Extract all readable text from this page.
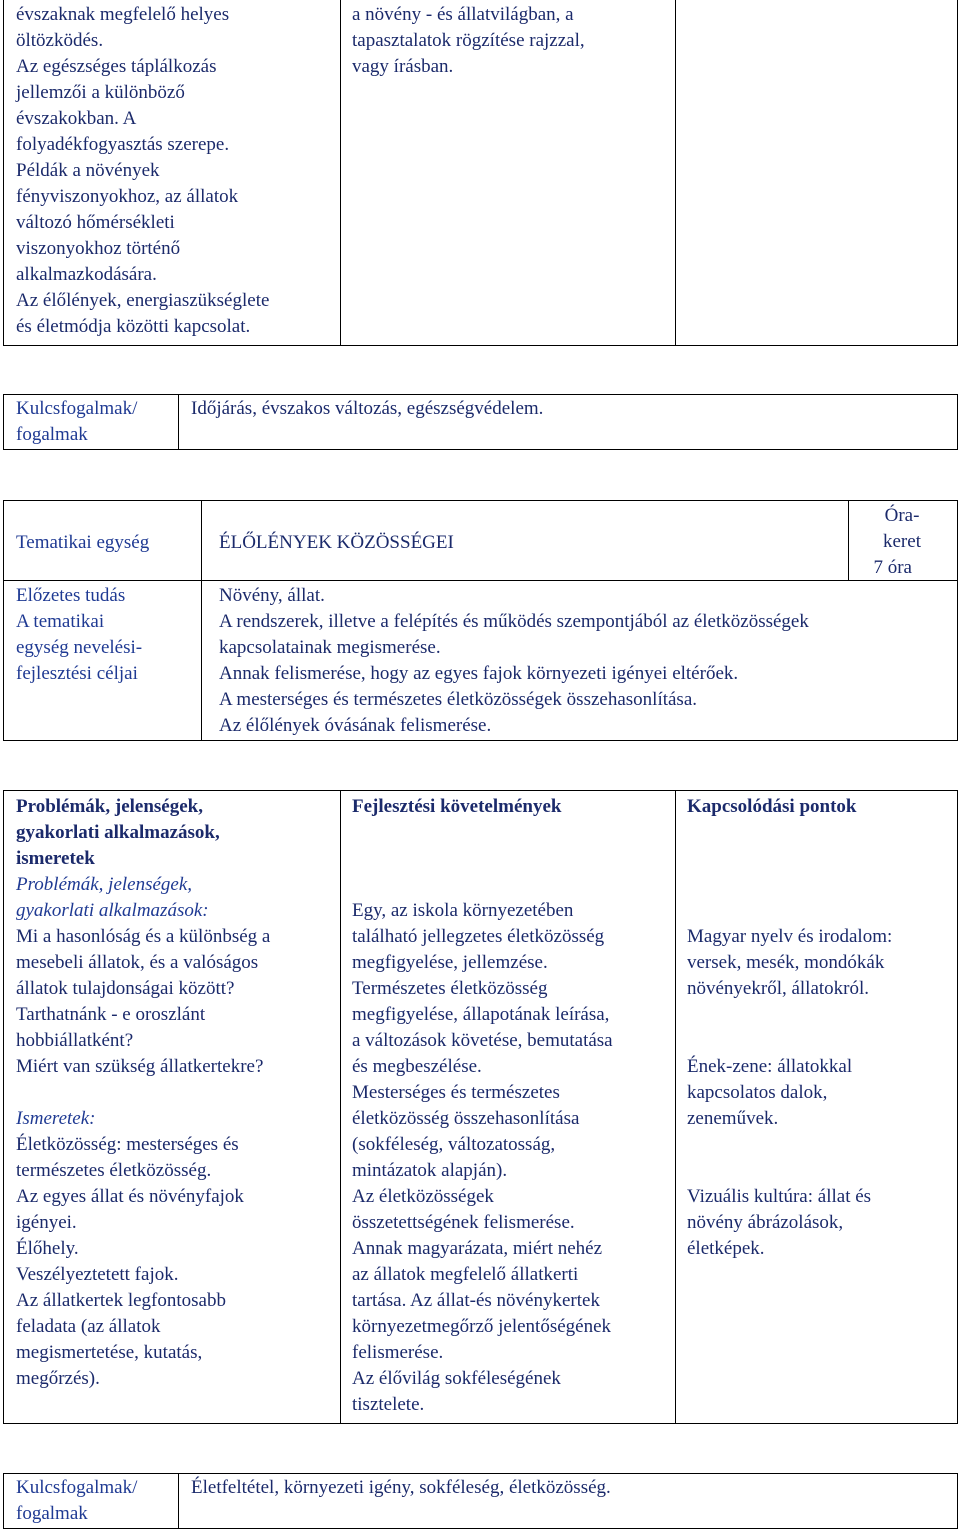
évszaknak megfelelő helyes
öltözködés.
Az egészséges táplálkozás
jellemzői a különböző
évszakokban. A
folyadékfogyasztás szerepe.
Példák a növények
fényviszonyokhoz, az állatok
változó hőmérsékleti
viszonyokhoz történő
alkalmazkodására.
Az élőlények, energiaszükséglete
és életmódja közötti kapcsolat.
a növény - és állatvilágban, a
tapasztalatok rögzítése rajzzal,
vagy írásban.
Kulcsfogalmak/
fogalmak
Időjárás, évszakos változás, egészségvédelem.
Tematikai egység	ÉLŐLÉNYEK KÖZÖSSÉGEI
Óra-
keret
7 óra
Előzetes tudás
A tematikai
egység nevelési-
fejlesztési céljai
Növény, állat.
A rendszerek, illetve a felépítés és működés szempontjából az életközösségek
kapcsolatainak megismerése.
Annak felismerése, hogy az egyes fajok környezeti igényei eltérőek.
A mesterséges és természetes életközösségek összehasonlítása.
Az élőlények óvásának felismerése.
Problémák, jelenségek,
gyakorlati alkalmazások,
ismeretek
Fejlesztési követelmények	Kapcsolódási pontok
Problémák, jelenségek,
gyakorlati alkalmazások:
Mi a hasonlóság és a különbség a
mesebeli állatok, és a valóságos
állatok tulajdonságai között?
Tarthatnánk - e oroszlánt
hobbiállatként?
Miért van szükség állatkertekre?
Ismeretek:
Életközösség: mesterséges és
természetes életközösség.
Az egyes állat és növényfajok
igényei.
Élőhely.
Veszélyeztetett fajok.
Az állatkertek legfontosabb
feladata (az állatok
megismertetése, kutatás,
megőrzés).
Egy, az iskola környezetében
található jellegzetes életközösség
megfigyelése, jellemzése.
Természetes életközösség
megfigyelése, állapotának leírása,
a változások követése, bemutatása
és megbeszélése.
Mesterséges és természetes
életközösség összehasonlítása
(sokféleség, változatosság,
mintázatok alapján).
Az életközösségek
összetettségének felismerése.
Annak magyarázata, miért nehéz
az állatok megfelelő állatkerti
tartása. Az állat-és növénykertek
környezetmegőrző jelentőségének
felismerése.
Az élővilág sokféleségének
tisztelete.
Magyar nyelv és irodalom:
versek, mesék, mondókák
növényekről, állatokról.
Ének-zene: állatokkal
kapcsolatos dalok,
zeneművek.
Vizuális kultúra: állat és
növény ábrázolások,
életképek.
Kulcsfogalmak/
fogalmak
Életfeltétel, környezeti igény, sokféleség, életközösség.
